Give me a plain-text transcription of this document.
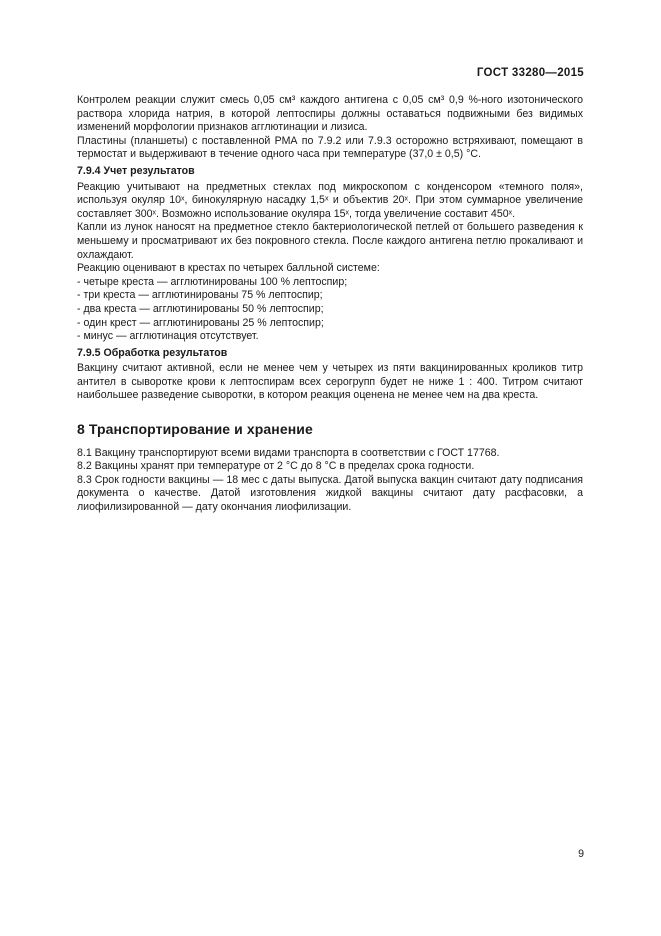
ГОСТ 33280—2015

Контролем реакции служит смесь 0,05 см³ каждого антигена с 0,05 см³ 0,9 %-ного изотонического раствора хлорида натрия, в которой лептоспиры должны оставаться подвижными без видимых изменений морфологии признаков агглютинации и лизиса.

Пластины (планшеты) с поставленной РМА по 7.9.2 или 7.9.3 осторожно встряхивают, помещают в термостат и выдерживают в течение одного часа при температуре (37,0 ± 0,5) °С.

7.9.4 Учет результатов

Реакцию учитывают на предметных стеклах под микроскопом с конденсором «темного поля», используя окуляр 10ˣ, бинокулярную насадку 1,5ˣ и объектив 20ˣ. При этом суммарное увеличение составляет 300ˣ. Возможно использование окуляра 15ˣ, тогда увеличение составит 450ˣ.

Капли из лунок наносят на предметное стекло бактериологической петлей от большего разведения к меньшему и просматривают их без покровного стекла. После каждого антигена петлю прокаливают и охлаждают.

Реакцию оценивают в крестах по четырех балльной системе:

- четыре креста — агглютинированы 100 % лептоспир;
- три креста — агглютинированы 75 % лептоспир;
- два креста — агглютинированы 50 % лептоспир;
- один крест — агглютинированы 25 % лептоспир;
- минус — агглютинация отсутствует.
7.9.5 Обработка результатов

Вакцину считают активной, если не менее чем у четырех из пяти вакцинированных кроликов титр антител в сыворотке крови к лептоспирам всех серогрупп будет не ниже 1 : 400. Титром считают наибольшее разведение сыворотки, в котором реакция оценена не менее чем на два креста.

8 Транспортирование и хранение

8.1 Вакцину транспортируют всеми видами транспорта в соответствии с ГОСТ 17768.

8.2 Вакцины хранят при температуре от 2 °С до 8 °С в пределах срока годности.

8.3 Срок годности вакцины — 18 мес с даты выпуска. Датой выпуска вакцин считают дату подписания документа о качестве. Датой изготовления жидкой вакцины считают дату расфасовки, а лиофилизированной — дату окончания лиофилизации.

9
